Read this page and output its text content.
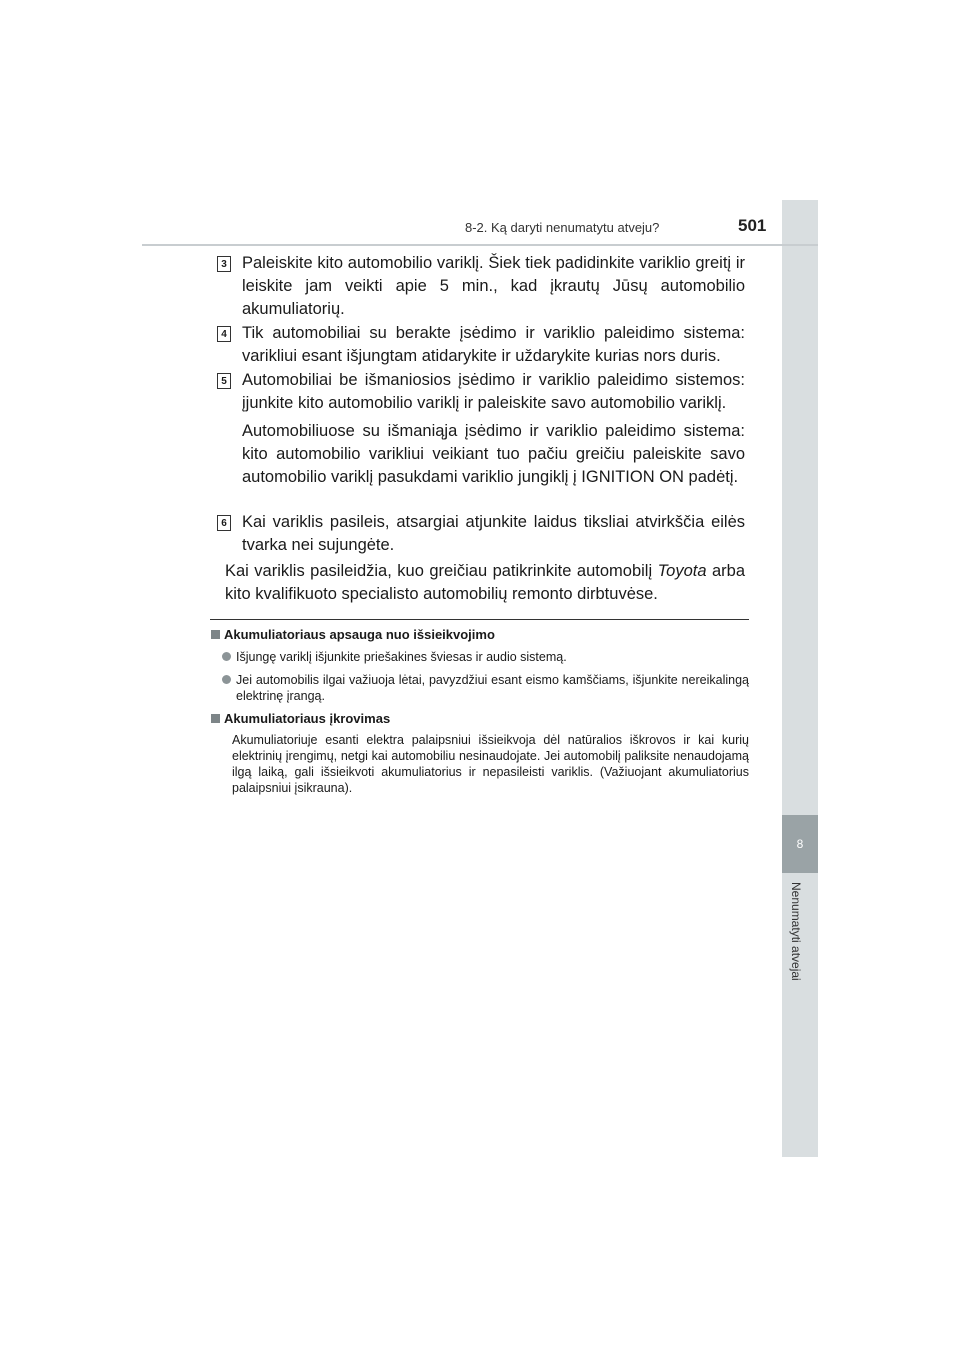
8
Nenumatyti atvejai
8-2. Ką daryti nenumatytu atveju?	501
3 Paleiskite kito automobilio variklį. Šiek tiek padidinkite variklio greitį ir leiskite jam veikti apie 5 min., kad įkrautų Jūsų automobilio akumuliatorių.
4 Tik automobiliai su berakte įsėdimo ir variklio paleidimo sistema: varikliui esant išjungtam atidarykite ir uždarykite kurias nors duris.
5 Automobiliai be išmaniosios įsėdimo ir variklio paleidimo sistemos: įjunkite kito automobilio variklį ir paleiskite savo automobilio variklį.
Automobiliuose su išmaniąja įsėdimo ir variklio paleidimo sistema: kito automobilio varikliui veikiant tuo pačiu greičiu paleiskite savo automobilio variklį pasukdami variklio jungiklį į IGNITION ON padėtį.
6 Kai variklis pasileis, atsargiai atjunkite laidus tiksliai atvirkščia eilės tvarka nei sujungėte.
Kai variklis pasileidžia, kuo greičiau patikrinkite automobilį Toyota arba kito kvalifikuoto specialisto automobilių remonto dirbtuvėse.
Akumuliatoriaus apsauga nuo išsieikvojimo
Išjungę variklį išjunkite priešakines šviesas ir audio sistemą.
Jei automobilis ilgai važiuoja lėtai, pavyzdžiui esant eismo kamščiams, išjunkite nereikalingą elektrinę įrangą.
Akumuliatoriaus įkrovimas
Akumuliatoriuje esanti elektra palaipsniui išsieikvoja dėl natūralios iškrovos ir kai kurių elektrinių įrengimų, netgi kai automobiliu nesinaudojate. Jei automobilį paliksite nenaudojamą ilgą laiką, gali išsieikvoti akumuliatorius ir nepasileisti variklis. (Važiuojant akumuliatorius palaipsniui įsikrauna).
